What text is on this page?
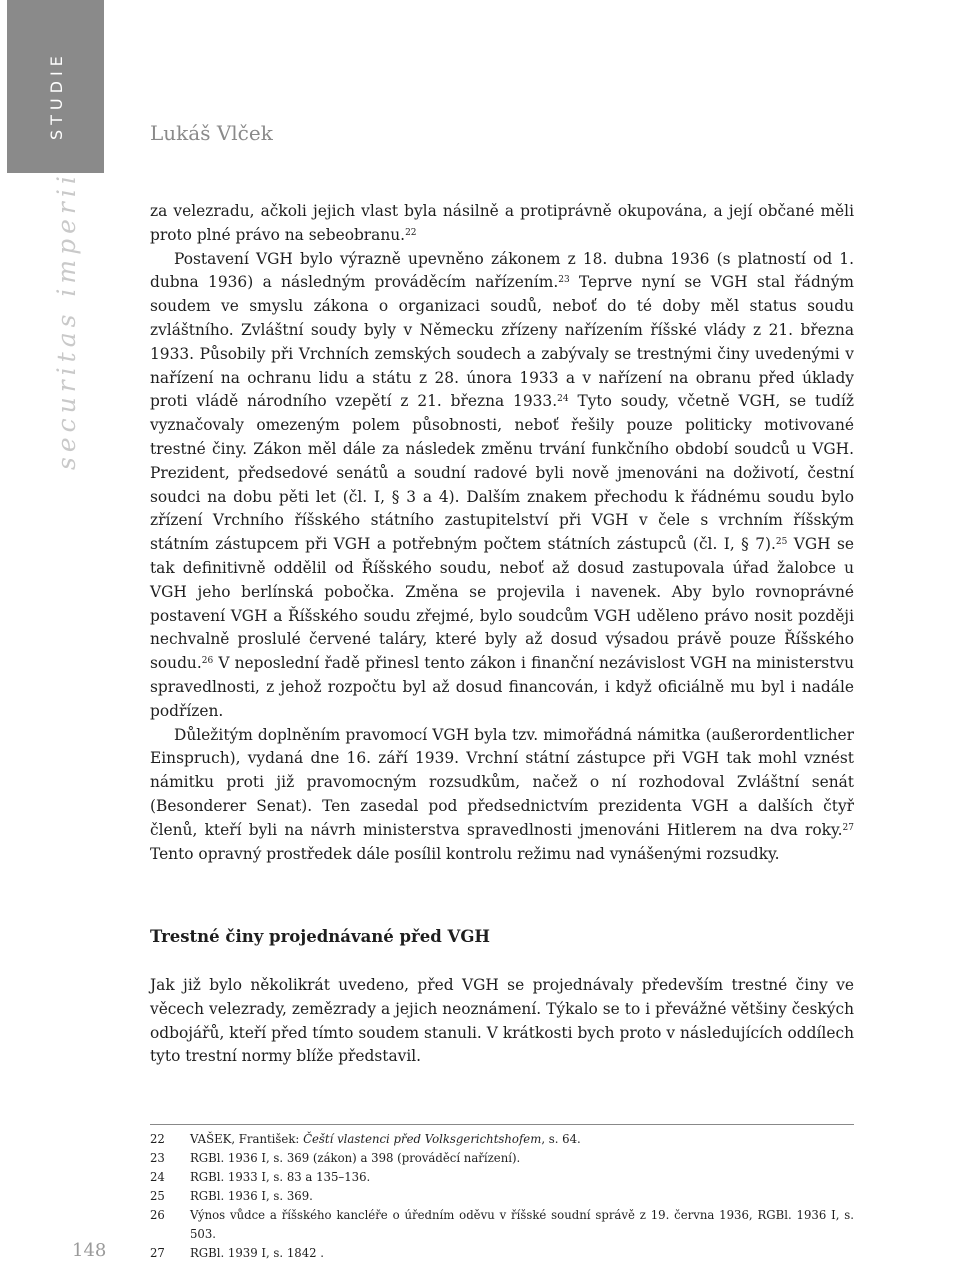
STUDIE
securitas imperii
Lukáš Vlček

za velezradu, ačkoli jejich vlast byla násilně a protiprávně okupována, a její občané měli proto plné právo na sebeobranu.$^{22}$

Postavení VGH bylo výrazně upevněno zákonem z 18. dubna 1936 (s platností od 1. dubna 1936) a následným prováděcím nařízením.$^{23}$ Teprve nyní se VGH stal řádným soudem ve smyslu zákona o organizaci soudů, neboť do té doby měl status soudu zvláštního. Zvláštní soudy byly v Německu zřízeny nařízením říšské vlády z 21. března 1933. Působily při Vrchních zemských soudech a zabývaly se trestnými činy uvedenými v nařízení na ochranu lidu a státu z 28. února 1933 a v nařízení na obranu před úklady proti vládě národního vzepětí z 21. března 1933.24 Tyto soudy, včetně VGH, se tudíž vyznačovaly omezeným polem působnosti, neboť řešily pouze politicky motivované trestné činy. Zákon měl dále za následek změnu trvání funkčního období soudců u VGH. Prezident, předsedové senátů a soudní radové byli nově jmenováni na doživotí, čestní soudci na dobu pěti let (čl. I, § 3 a 4). Dalším znakem přechodu k řádnému soudu bylo zřízení Vrchního říšského státního zastupitelství při VGH v čele s vrchním říšským státním zástupcem při VGH a potřebným počtem státních zástupců (čl. I, § 7).$^{25}$ VGH se tak definitivně oddělil od Říšského soudu, neboť až dosud zastupovala úřad žalobce u VGH jeho berlínská pobočka. Změna se projevila i navenek. Aby bylo rovnoprávné postavení VGH a Říšského soudu zřejmé, bylo soudcům VGH uděleno právo nosit později nechvalně proslulé červené taláry, které byly až dosud výsadou právě pouze Říšského soudu.$^{26}$ V neposlední řadě přinesl tento zákon i finanční nezávislost VGH na ministerstvu spravedlnosti, z jehož rozpočtu byl až dosud financován, i když oficiálně mu byl i nadále podřízen.

Důležitým doplněním pravomocí VGH byla tzv. mimořádná námitka (außerordentlicher Einspruch), vydaná dne 16. září 1939. Vrchní státní zástupce při VGH tak mohl vznést námitku proti již pravomocným rozsudkům, načež o ní rozhodoval Zvláštní senát (Besonderer Senat). Ten zasedal pod předsednictvím prezidenta VGH a dalších čtyř členů, kteří byli na návrh ministerstva spravedlnosti jmenováni Hitlerem na dva roky.$^{27}$ Tento opravný prostředek dále posílil kontrolu režimu nad vynášenými rozsudky.

Trestné činy projednávané před VGH

Jak již bylo několikrát uvedeno, před VGH se projednávaly především trestné činy ve věcech velezrady, zemězrady a jejich neoznámení. Týkalo se to i převážné většiny českých odbojářů, kteří před tímto soudem stanuli. V krátkosti bych proto v následujících oddílech tyto trestní normy blíže představil.

22	VAŠEK, František: Čeští vlastenci před Volksgerichtshofem, s. 64.
23	RGBl. 1936 I, s. 369 (zákon) a 398 (prováděcí nařízení).
24	RGBl. 1933 I, s. 83 a 135–136.
25	RGBl. 1936 I, s. 369.
26	Výnos vůdce a říšského kancléře o úředním oděvu v říšské soudní správě z 19. června 1936, RGBl. 1936 I, s. 503.
27	RGBl. 1939 I, s. 1842 .
148
